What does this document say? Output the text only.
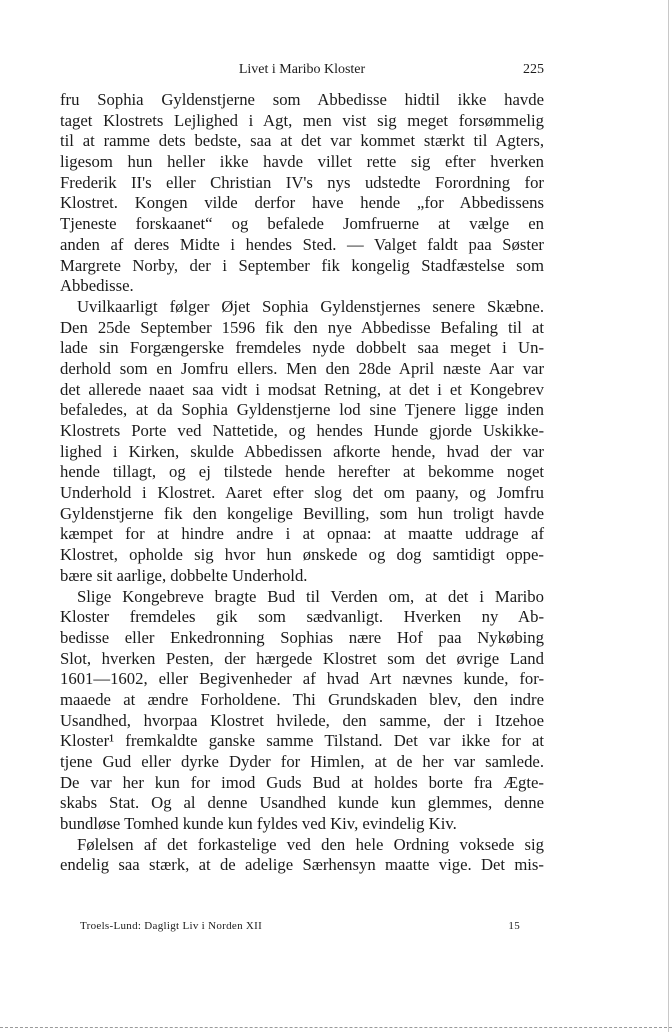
Livet i Maribo Kloster	225
fru Sophia Gyldenstjerne som Abbedisse hidtil ikke havde
taget Klostrets Lejlighed i Agt, men vist sig meget forsømmelig
til at ramme dets bedste, saa at det var kommet stærkt til Agters,
ligesom hun heller ikke havde villet rette sig efter hverken
Frederik II's eller Christian IV's nys udstedte Forordning for
Klostret. Kongen vilde derfor have hende „for Abbedissens
Tjeneste forskaanet“ og befalede Jomfruerne at vælge en
anden af deres Midte i hendes Sted. — Valget faldt paa Søster
Margrete Norby, der i September fik kongelig Stadfæstelse som
Abbedisse.
Uvilkaarligt følger Øjet Sophia Gyldenstjernes senere Skæbne.
Den 25de September 1596 fik den nye Abbedisse Befaling til at
lade sin Forgængerske fremdeles nyde dobbelt saa meget i Un-
derhold som en Jomfru ellers. Men den 28de April næste Aar var
det allerede naaet saa vidt i modsat Retning, at det i et Kongebrev
befaledes, at da Sophia Gyldenstjerne lod sine Tjenere ligge inden
Klostrets Porte ved Nattetide, og hendes Hunde gjorde Uskikke-
lighed i Kirken, skulde Abbedissen afkorte hende, hvad der var
hende tillagt, og ej tilstede hende herefter at bekomme noget
Underhold i Klostret. Aaret efter slog det om paany, og Jomfru
Gyldenstjerne fik den kongelige Bevilling, som hun troligt havde
kæmpet for at hindre andre i at opnaa: at maatte uddrage af
Klostret, opholde sig hvor hun ønskede og dog samtidigt oppe-
bære sit aarlige, dobbelte Underhold.
Slige Kongebreve bragte Bud til Verden om, at det i Maribo
Kloster fremdeles gik som sædvanligt. Hverken ny Ab-
bedisse eller Enkedronning Sophias nære Hof paa Nykøbing
Slot, hverken Pesten, der hærgede Klostret som det øvrige Land
1601—1602, eller Begivenheder af hvad Art nævnes kunde, for-
maaede at ændre Forholdene. Thi Grundskaden blev, den indre
Usandhed, hvorpaa Klostret hvilede, den samme, der i Itzehoe
Kloster¹ fremkaldte ganske samme Tilstand. Det var ikke for at
tjene Gud eller dyrke Dyder for Himlen, at de her var samlede.
De var her kun for imod Guds Bud at holdes borte fra Ægte-
skabs Stat. Og al denne Usandhed kunde kun glemmes, denne
bundløse Tomhed kunde kun fyldes ved Kiv, evindelig Kiv.
Følelsen af det forkastelige ved den hele Ordning voksede sig
endelig saa stærk, at de adelige Særhensyn maatte vige. Det mis-
Troels-Lund: Dagligt Liv i Norden XII	15
